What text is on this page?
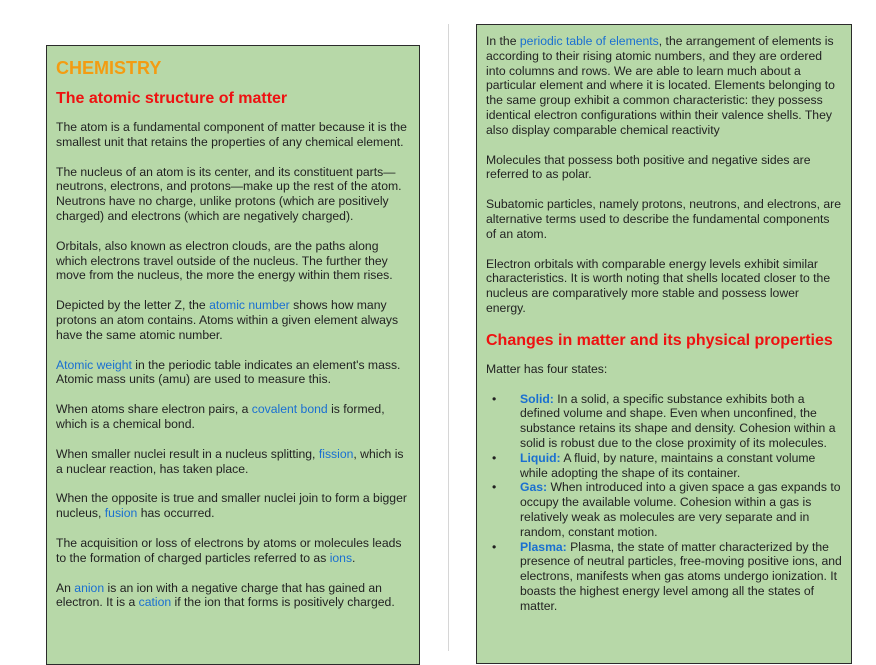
CHEMISTRY
The atomic structure of matter

The atom is a fundamental component of matter because it is the smallest unit that retains the properties of any chemical element.

The nucleus of an atom is its center, and its constituent parts—neutrons, electrons, and protons—make up the rest of the atom. Neutrons have no charge, unlike protons (which are positively charged) and electrons (which are negatively charged).

Orbitals, also known as electron clouds, are the paths along which electrons travel outside of the nucleus. The further they move from the nucleus, the more the energy within them rises.

Depicted by the letter Z, the atomic number shows how many protons an atom contains. Atoms within a given element always have the same atomic number.

Atomic weight in the periodic table indicates an element's mass. Atomic mass units (amu) are used to measure this.

When atoms share electron pairs, a covalent bond is formed, which is a chemical bond.

When smaller nuclei result in a nucleus splitting, fission, which is a nuclear reaction, has taken place.

When the opposite is true and smaller nuclei join to form a bigger nucleus, fusion has occurred.

The acquisition or loss of electrons by atoms or molecules leads to the formation of charged particles referred to as ions.

An anion is an ion with a negative charge that has gained an electron. It is a cation if the ion that forms is positively charged.

In the periodic table of elements, the arrangement of elements is according to their rising atomic numbers, and they are ordered into columns and rows. We are able to learn much about a particular element and where it is located. Elements belonging to the same group exhibit a common characteristic: they possess identical electron configurations within their valence shells. They also display comparable chemical reactivity

Molecules that possess both positive and negative sides are referred to as polar.

Subatomic particles, namely protons, neutrons, and electrons, are alternative terms used to describe the fundamental components of an atom.

Electron orbitals with comparable energy levels exhibit similar characteristics. It is worth noting that shells located closer to the nucleus are comparatively more stable and possess lower energy.

Changes in matter and its physical properties

Matter has four states:

• Solid: In a solid, a specific substance exhibits both a defined volume and shape. Even when unconfined, the substance retains its shape and density. Cohesion within a solid is robust due to the close proximity of its molecules.
• Liquid: A fluid, by nature, maintains a constant volume while adopting the shape of its container.
• Gas: When introduced into a given space a gas expands to occupy the available volume. Cohesion within a gas is relatively weak as molecules are very separate and in random, constant motion.
• Plasma: Plasma, the state of matter characterized by the presence of neutral particles, free-moving positive ions, and electrons, manifests when gas atoms undergo ionization. It boasts the highest energy level among all the states of matter.
